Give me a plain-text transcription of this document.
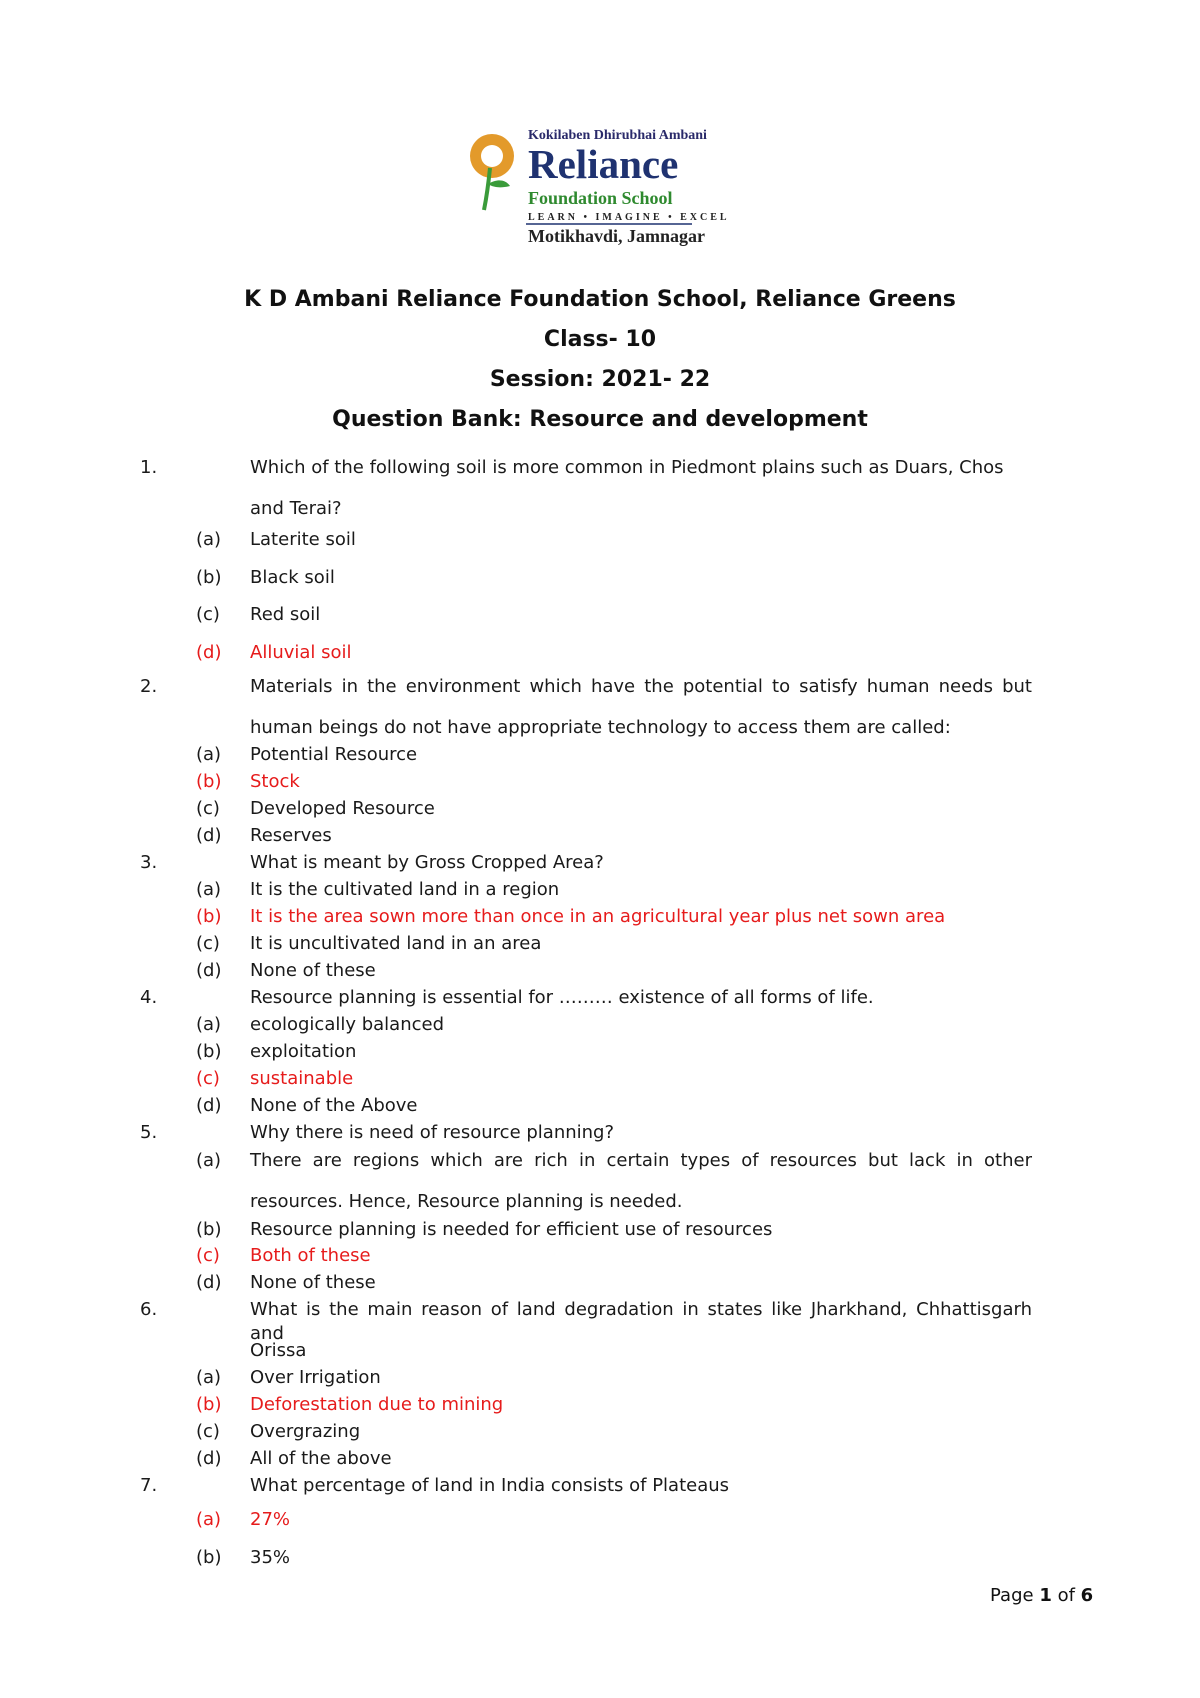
Kokilaben Dhirubhai Ambani
Reliance
Foundation School
LEARN • IMAGINE • EXCEL
Motikhavdi, Jamnagar
K D Ambani Reliance Foundation School, Reliance Greens
Class- 10
Session: 2021- 22
Question Bank: Resource and development
1.	Which of the following soil is more common in Piedmont plains such as Duars, Chos
and Terai?
(a) Laterite soil
(b) Black soil
(c) Red soil
(d) Alluvial soil
2.	Materials in the environment which have the potential to satisfy human needs but
human beings do not have appropriate technology to access them are called:
(a) Potential Resource
(b) Stock
(c) Developed Resource
(d) Reserves
3.	What is meant by Gross Cropped Area?
(a) It is the cultivated land in a region
(b) It is the area sown more than once in an agricultural year plus net sown area
(c) It is uncultivated land in an area
(d) None of these
4.	Resource planning is essential for ……… existence of all forms of life.
(a) ecologically balanced
(b) exploitation
(c) sustainable
(d) None of the Above
5.	Why there is need of resource planning?
(a) There are regions which are rich in certain types of resources but lack in other
resources. Hence, Resource planning is needed.
(b) Resource planning is needed for efficient use of resources
(c) Both of these
(d) None of these
6.	What is the main reason of land degradation in states like Jharkhand, Chhattisgarh and
Orissa
(a) Over Irrigation
(b) Deforestation due to mining
(c) Overgrazing
(d) All of the above
7.	What percentage of land in India consists of Plateaus
(a) 27%
(b) 35%
Page 1 of 6
